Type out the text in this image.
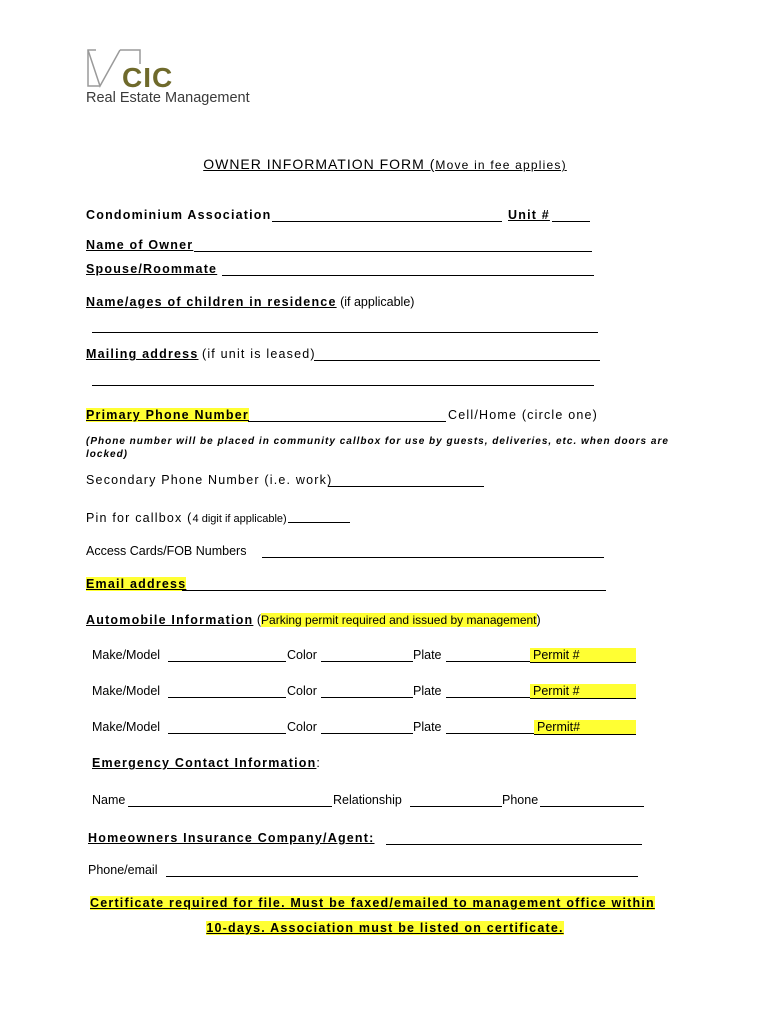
CIC
Real Estate Management
OWNER INFORMATION FORM (Move in fee applies)
Condominium Association	Unit #
Name of Owner
Spouse/Roommate
Name/ages of children in residence (if applicable)
Mailing address (if unit is leased)
Primary Phone Number	Cell/Home (circle one)
(Phone number will be placed in community callbox for use by guests, deliveries, etc. when doors are locked)
Secondary Phone Number (i.e. work)
Pin for callbox (4 digit if applicable)
Access Cards/FOB Numbers
Email address
Automobile Information (Parking permit required and issued by management)
Make/Model	Color	Plate	Permit #
Make/Model	Color	Plate	Permit #
Make/Model	Color	Plate	Permit#
Emergency Contact Information:
Name	Relationship	Phone
Homeowners Insurance Company/Agent:
Phone/email
Certificate required for file. Must be faxed/emailed to management office within
10-days. Association must be listed on certificate.
